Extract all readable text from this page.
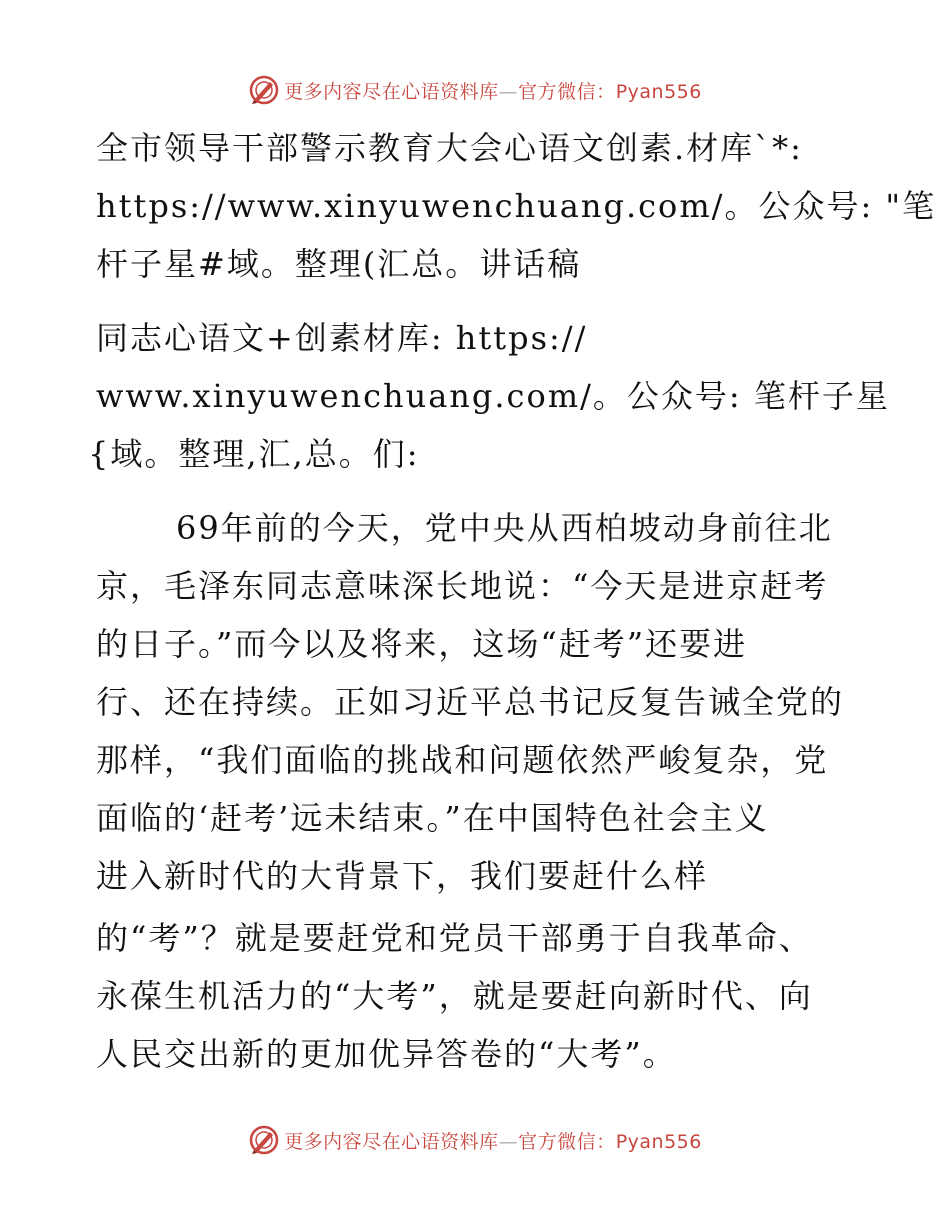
更多内容尽在心语资料库—官方微信：Pyan556
全市领导干部警示教育大会心语文创素.材库`*:
https://www.xinyuwenchuang.com/。公众号: "笔
杆子星#域。整理(汇总。讲话稿
同志心语文+创素材库: https://
www.xinyuwenchuang.com/。公众号: 笔杆子星
{域。整理,汇,总。们:
69年前的今天，党中央从西柏坡动身前往北
京，毛泽东同志意味深长地说：“今天是进京赶考
的日子。”而今以及将来，这场“赶考”还要进
行、还在持续。正如习近平总书记反复告诫全党的
那样，“我们面临的挑战和问题依然严峻复杂，党
面临的‘赶考’远未结束。”在中国特色社会主义
进入新时代的大背景下，我们要赶什么样
的“考”？就是要赶党和党员干部勇于自我革命、
永葆生机活力的“大考”，就是要赶向新时代、向
人民交出新的更加优异答卷的“大考”。
更多内容尽在心语资料库—官方微信：Pyan556
